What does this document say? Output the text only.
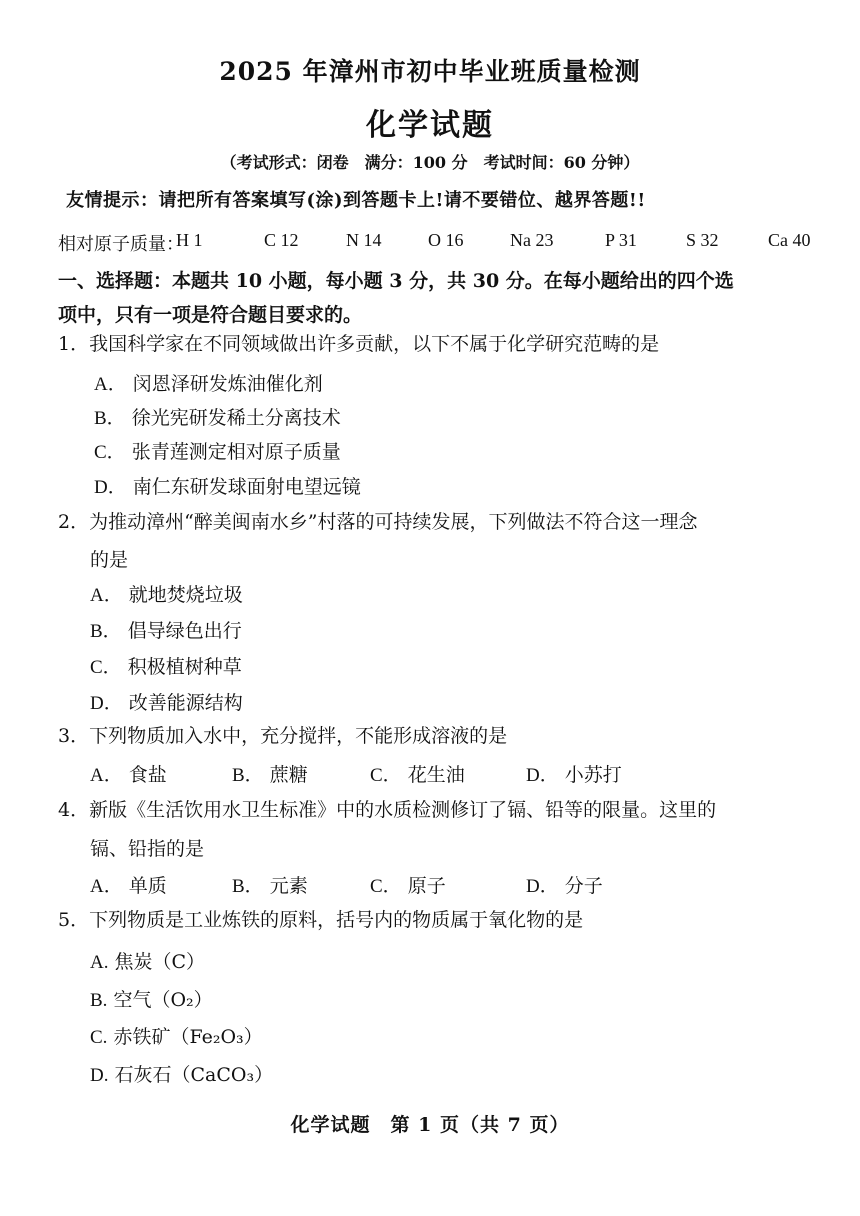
2025 年漳州市初中毕业班质量检测
化学试题
（考试形式：闭卷　满分：100 分　考试时间：60 分钟）
友情提示：请把所有答案填写(涂)到答题卡上!请不要错位、越界答题!!
相对原子质量：
H 1	C 12	N 14	O 16	Na 23	P 31	S 32	Ca 40
一、选择题：本题共 10 小题，每小题 3 分，共 30 分。在每小题给出的四个选
项中，只有一项是符合题目要求的。
1．我国科学家在不同领域做出许多贡献，以下不属于化学研究范畴的是
A． 闵恩泽研发炼油催化剂
B． 徐光宪研发稀土分离技术
C． 张青莲测定相对原子质量
D． 南仁东研发球面射电望远镜
2．为推动漳州“醉美闽南水乡”村落的可持续发展，下列做法不符合这一理念
的是
A． 就地焚烧垃圾
B． 倡导绿色出行
C． 积极植树种草
D． 改善能源结构
3．下列物质加入水中，充分搅拌，不能形成溶液的是
A． 食盐	B． 蔗糖	C． 花生油	D． 小苏打
4．新版《生活饮用水卫生标准》中的水质检测修订了镉、铅等的限量。这里的
镉、铅指的是
A． 单质	B． 元素	C． 原子	D． 分子
5．下列物质是工业炼铁的原料，括号内的物质属于氧化物的是
A. 焦炭（C）
B. 空气（O₂）
C. 赤铁矿（Fe₂O₃）
D. 石灰石（CaCO₃）
化学试题　第 1 页（共 7 页）
